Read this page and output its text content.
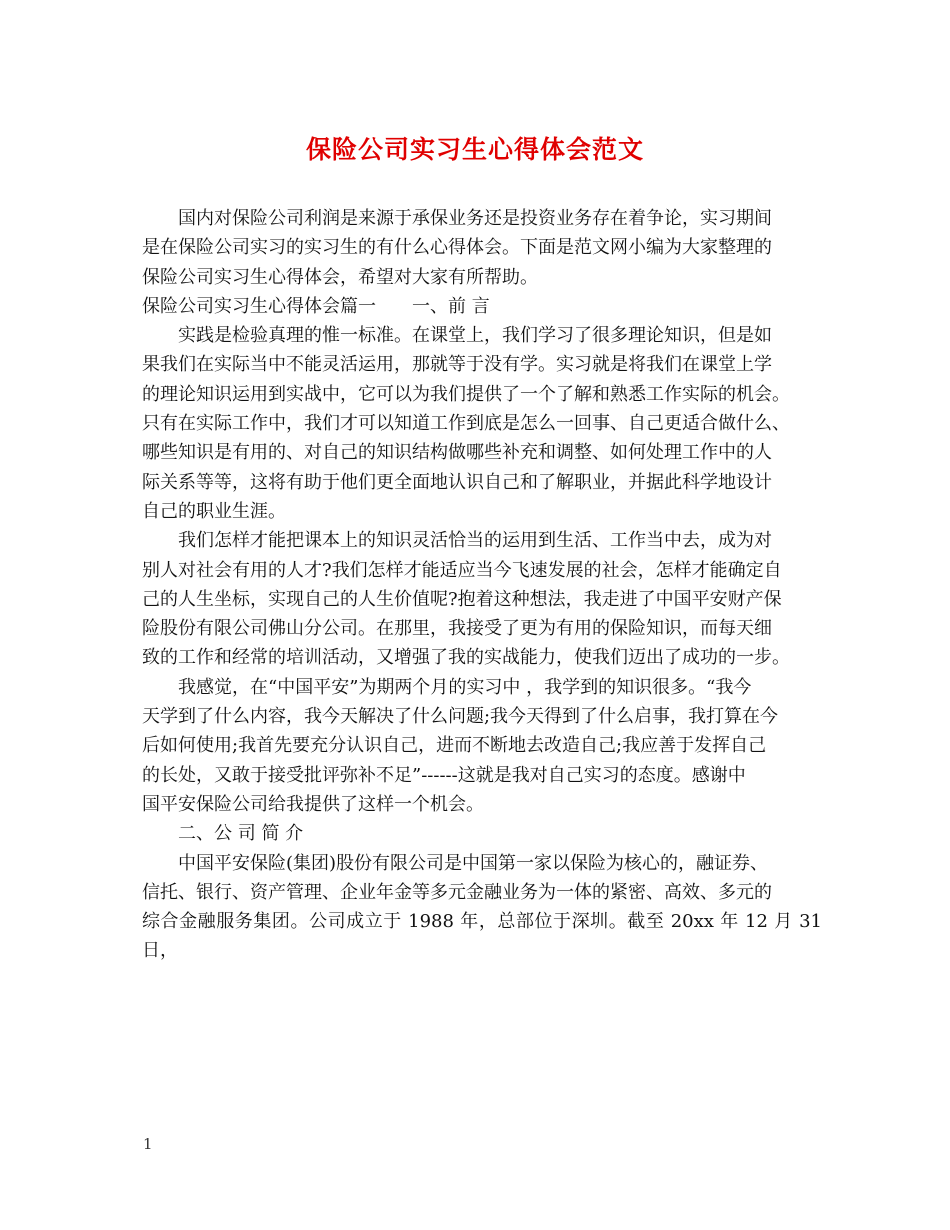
保险公司实习生心得体会范文

国内对保险公司利润是来源于承保业务还是投资业务存在着争论，实习期间
是在保险公司实习的实习生的有什么心得体会。下面是范文网小编为大家整理的
保险公司实习生心得体会，希望对大家有所帮助。

保险公司实习生心得体会篇一　　一、前 言

实践是检验真理的惟一标准。在课堂上，我们学习了很多理论知识，但是如
果我们在实际当中不能灵活运用，那就等于没有学。实习就是将我们在课堂上学
的理论知识运用到实战中，它可以为我们提供了一个了解和熟悉工作实际的机会。
只有在实际工作中，我们才可以知道工作到底是怎么一回事、自己更适合做什么、
哪些知识是有用的、对自己的知识结构做哪些补充和调整、如何处理工作中的人
际关系等等，这将有助于他们更全面地认识自己和了解职业，并据此科学地设计
自己的职业生涯。

我们怎样才能把课本上的知识灵活恰当的运用到生活、工作当中去，成为对
别人对社会有用的人才?我们怎样才能适应当今飞速发展的社会，怎样才能确定自
己的人生坐标，实现自己的人生价值呢?抱着这种想法，我走进了中国平安财产保
险股份有限公司佛山分公司。在那里，我接受了更为有用的保险知识，而每天细
致的工作和经常的培训活动，又增强了我的实战能力，使我们迈出了成功的一步。

我感觉，在“中国平安”为期两个月的实习中 ，我学到的知识很多。“我今
天学到了什么内容，我今天解决了什么问题;我今天得到了什么启事，我打算在今
后如何使用;我首先要充分认识自己，进而不断地去改造自己;我应善于发挥自己
的长处，又敢于接受批评弥补不足”------这就是我对自己实习的态度。感谢中
国平安保险公司给我提供了这样一个机会。

二、公 司 简 介

中国平安保险(集团)股份有限公司是中国第一家以保险为核心的，融证券、
信托、银行、资产管理、企业年金等多元金融业务为一体的紧密、高效、多元的
综合金融服务集团。公司成立于 1988 年，总部位于深圳。截至 20xx 年 12 月 31 日，

1
